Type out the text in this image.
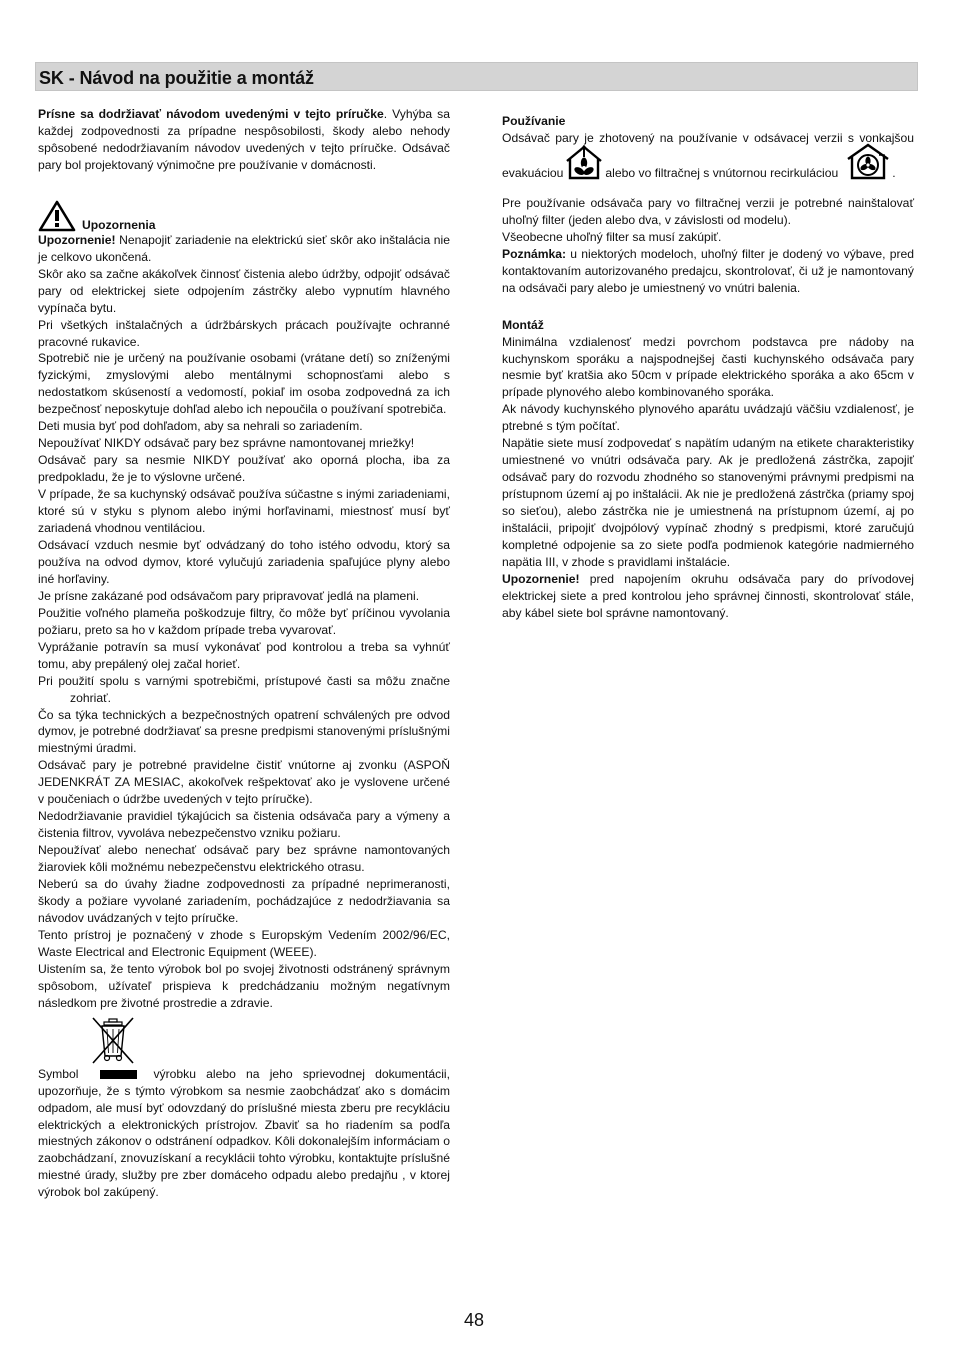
SK - Návod na použitie a montáž

Prísne sa dodržiavať návodom uvedenými v tejto príručke. Vyhýba sa každej zodpovednosti za prípadne nespôsobilosti, škody alebo nehody spôsobené nedodržiavaním návodov uvedených v tejto príručke. Odsávač pary bol projektovaný výnimočne pre používanie v domácnosti.

Upozornenia

Upozornenie! Nenapojiť zariadenie na elektrickú sieť skôr ako inštalácia nie je celkovo ukončená.

Skôr ako sa začne akákoľvek činnosť čistenia alebo údržby, odpojiť odsávač pary od elektrickej siete odpojením zástrčky alebo vypnutím hlavného vypínača bytu.

Pri všetkých inštalačných a údržbárskych prácach používajte ochranné pracovné rukavice.

Spotrebič nie je určený na používanie osobami (vrátane detí) so zníženými fyzickými, zmyslovými alebo mentálnymi schopnosťami alebo s nedostatkom skúseností a vedomostí, pokiaľ im osoba zodpovedná za ich bezpečnosť neposkytuje dohľad alebo ich nepoučila o používaní spotrebiča.

Deti musia byť pod dohľadom, aby sa nehrali so zariadením.

Nepoužívať NIKDY odsávač pary bez správne namontovanej mriežky!

Odsávač pary sa nesmie NIKDY používať ako oporná plocha, iba za predpokladu, že je to výslovne určené.

V prípade, že sa kuchynský odsávač používa súčastne s inými zariadeniami, ktoré sú v styku s plynom alebo inými horľavinami, miestnosť musí byť zariadená vhodnou ventiláciou.

Odsávací vzduch nesmie byť odvádzaný do toho istého odvodu, ktorý sa používa na odvod dymov, ktoré vylučujú zariadenia spaľujúce plyny alebo iné horľaviny.

Je prísne zakázané pod odsávačom pary pripravovať jedlá na plameni.

Použitie voľného plameňa poškodzuje filtry, čo môže byť príčinou vyvolania požiaru, preto sa ho v každom prípade treba vyvarovať.

Vyprážanie potravín sa musí vykonávať pod kontrolou a treba sa vyhnúť tomu, aby prepálený olej začal horieť.

Pri použití spolu s varnými spotrebičmi, prístupové časti sa môžu značne

zohriať.

Čo sa týka technických a bezpečnostných opatrení schválených pre odvod dymov, je potrebné dodržiavať sa presne predpismi stanovenými príslušnými miestnými úradmi.

Odsávač pary je potrebné pravidelne čistiť vnútorne aj zvonku (ASPOŇ JEDENKRÁT ZA MESIAC, akokoľvek rešpektovať ako je vyslovene určené v poučeniach o údržbe uvedených v tejto príručke).

Nedodržiavanie pravidiel týkajúcich sa čistenia odsávača pary a výmeny a čistenia filtrov, vyvoláva nebezpečenstvo vzniku požiaru.

Nepoužívať alebo nenechať odsávač pary bez správne namontovaných žiaroviek kôli možnému nebezpečenstvu elektrického otrasu.

Neberú sa do úvahy žiadne zodpovednosti za prípadné neprimeranosti, škody a požiare vyvolané zariadením, pochádzajúce z nedodržiavania sa návodov uvádzaných v tejto príručke.

Tento prístroj je poznačený v zhode s Europským Vedením 2002/96/EC, Waste Electrical and Electronic Equipment (WEEE).

Uistením sa, že tento výrobok bol po svojej životnosti odstránený správnym spôsobom, užívateľ prispieva k predchádzaniu možným negatívnym následkom pre životné prostredie a zdravie.

Symbol	výrobku alebo na jeho sprievodnej dokumentácii, upozorňuje, že s týmto výrobkom sa nesmie zaobchádzať ako s domácim odpadom, ale musí byť odovzdaný do príslušné miesta zberu pre recykláciu elektrických a elektronických prístrojov. Zbaviť sa ho riadením sa podľa miestných zákonov o odstránení odpadkov. Kôli dokonalejším informáciam o zaobchádzaní, znovuzískaní a recyklácii tohto výrobku, kontaktujte príslušné miestné úrady, služby pre zber domáceho odpadu alebo predajňu , v ktorej výrobok bol zakúpený.

Používanie

Odsávač pary je zhotovený na používanie v odsávacej verzii s vonkajšou

evakuáciou	alebo vo filtračnej s vnútornou recirkuláciou	.

Pre používanie odsávača pary vo filtračnej verzii je potrebné nainštalovať uhoľný filter (jeden alebo dva, v závislosti od modelu).

Všeobecne uhoľný filter sa musí zakúpiť.

Poznámka: u niektorých modeloch, uhoľný filter je dodený vo výbave, pred kontaktovaním autorizovaného predajcu, skontrolovať, či už je namontovaný na odsávači pary alebo je umiestnený vo vnútri balenia.

Montáž

Minimálna vzdialenosť medzi povrchom podstavca pre nádoby na kuchynskom sporáku a najspodnejšej časti kuchynského odsávača pary nesmie byť kratšia ako 50cm v prípade elektrického sporáka a ako 65cm v prípade plynového alebo kombinovaného sporáka.

Ak návody kuchynského plynového aparátu uvádzajú väčšiu vzdialenosť, je ptrebné s tým počítať.

Napätie siete musí zodpovedať s napätím udaným na etikete charakteristiky umiestnené vo vnútri odsávača pary. Ak je predložená zástrčka, zapojiť odsávač pary do rozvodu zhodného so stanovenými právnymi predpismi na prístupnom území aj po inštalácii. Ak nie je predložená zástrčka (priamy spoj so sieťou), alebo zástrčka nie je umiestnená na prístupnom území, aj po inštalácii, pripojiť dvojpólový vypínač zhodný s predpismi, ktoré zaručujú kompletné odpojenie sa zo siete podľa podmienok kategórie nadmierného napätia III, v zhode s pravidlami inštalácie.

Upozornenie! pred napojením okruhu odsávača pary do prívodovej elektrickej siete a pred kontrolou jeho správnej činnosti, skontrolovať stále, aby kábel siete bol správne namontovaný.

48
